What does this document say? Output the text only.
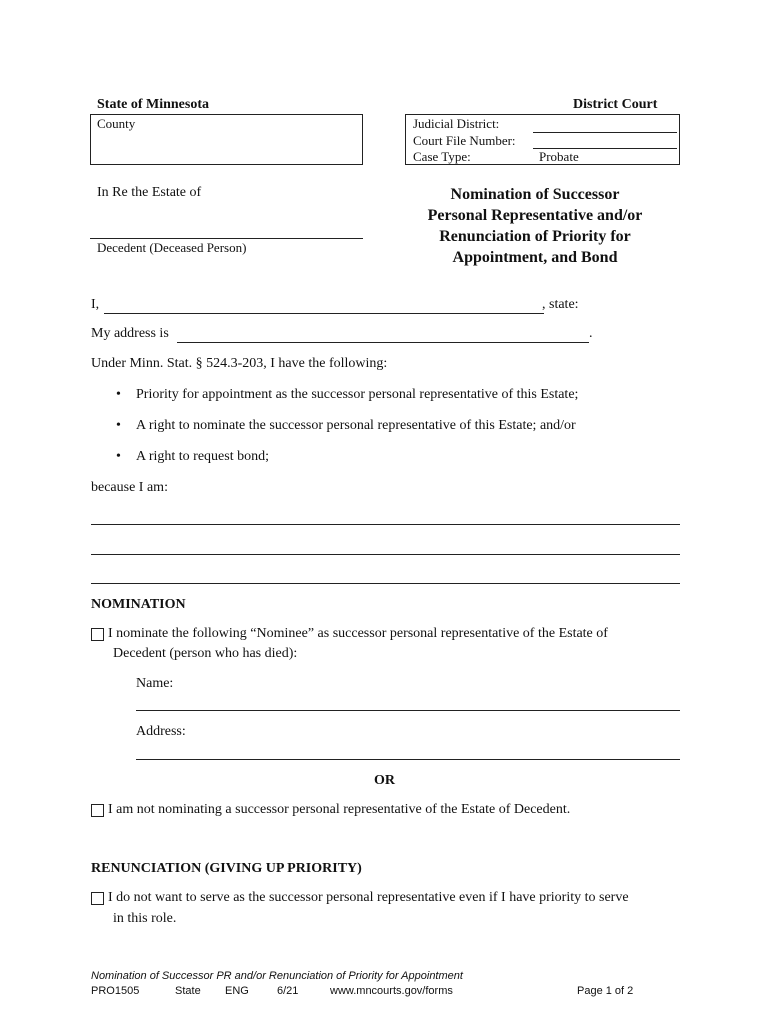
State of Minnesota	District Court
County	Judicial District:
Court File Number:
Case Type:	Probate
In Re the Estate of
Decedent (Deceased Person)
Nomination of Successor
Personal Representative and/or
Renunciation of Priority for
Appointment, and Bond
I,	, state:
My address is	.
Under Minn. Stat. § 524.3-203, I have the following:
• Priority for appointment as the successor personal representative of this Estate;
• A right to nominate the successor personal representative of this Estate; and/or
• A right to request bond;
because I am:
NOMINATION
I nominate the following “Nominee” as successor personal representative of the Estate of
Decedent (person who has died):
Name:
Address:
OR
I am not nominating a successor personal representative of the Estate of Decedent.
RENUNCIATION (GIVING UP PRIORITY)
I do not want to serve as the successor personal representative even if I have priority to serve
in this role.
Nomination of Successor PR and/or Renunciation of Priority for Appointment
PRO1505	State ENG	6/21	www.mncourts.gov/forms	Page 1 of 2
